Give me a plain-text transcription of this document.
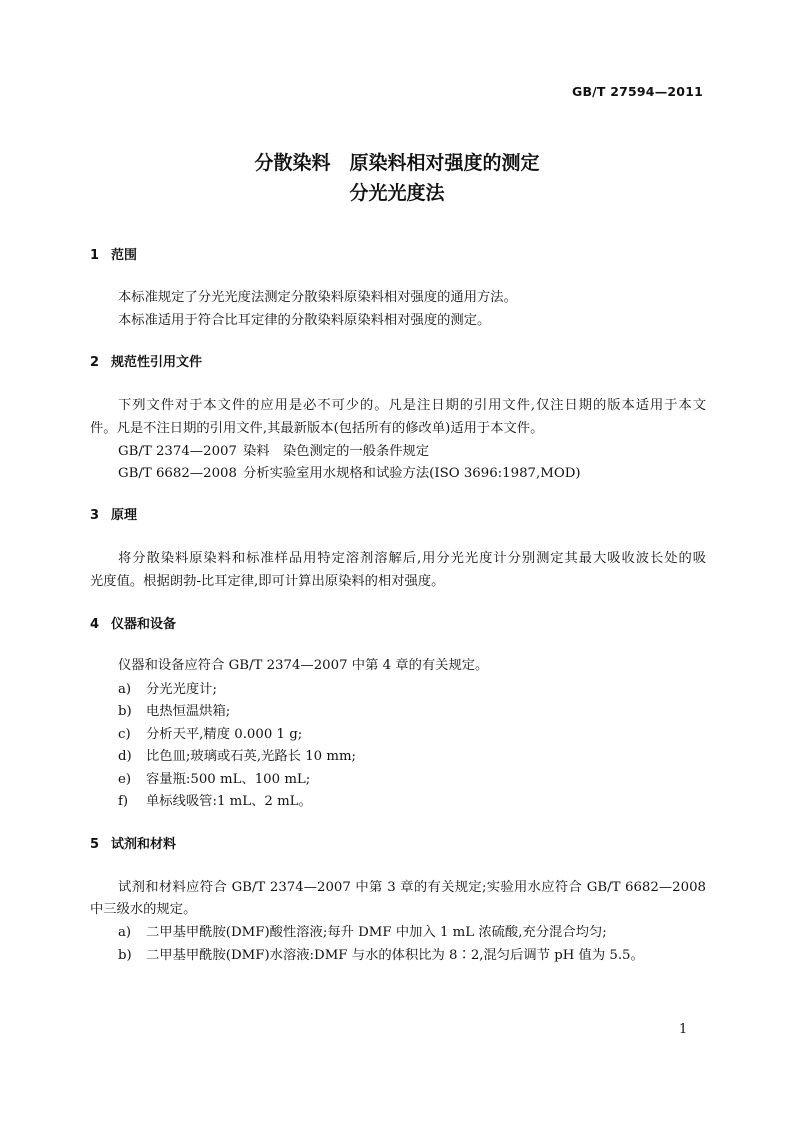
GB/T 27594—2011
分散染料　原染料相对强度的测定
分光光度法
1 范围
本标准规定了分光光度法测定分散染料原染料相对强度的通用方法。
本标准适用于符合比耳定律的分散染料原染料相对强度的测定。
2 规范性引用文件
下列文件对于本文件的应用是必不可少的。凡是注日期的引用文件,仅注日期的版本适用于本文
件。凡是不注日期的引用文件,其最新版本(包括所有的修改单)适用于本文件。
GB/T 2374—2007 染料　染色测定的一般条件规定
GB/T 6682—2008 分析实验室用水规格和试验方法(ISO 3696:1987,MOD)
3 原理
将分散染料原染料和标准样品用特定溶剂溶解后,用分光光度计分别测定其最大吸收波长处的吸
光度值。根据朗勃-比耳定律,即可计算出原染料的相对强度。
4 仪器和设备
仪器和设备应符合 GB/T 2374—2007 中第 4 章的有关规定。
a) 分光光度计;
b) 电热恒温烘箱;
c) 分析天平,精度 0.000 1 g;
d) 比色皿;玻璃或石英,光路长 10 mm;
e) 容量瓶:500 mL、100 mL;
f) 单标线吸管:1 mL、2 mL。
5 试剂和材料
试剂和材料应符合 GB/T 2374—2007 中第 3 章的有关规定;实验用水应符合 GB/T 6682—2008
中三级水的规定。
a) 二甲基甲酰胺(DMF)酸性溶液;每升 DMF 中加入 1 mL 浓硫酸,充分混合均匀;
b) 二甲基甲酰胺(DMF)水溶液:DMF 与水的体积比为 8∶2,混匀后调节 pH 值为 5.5。
1
